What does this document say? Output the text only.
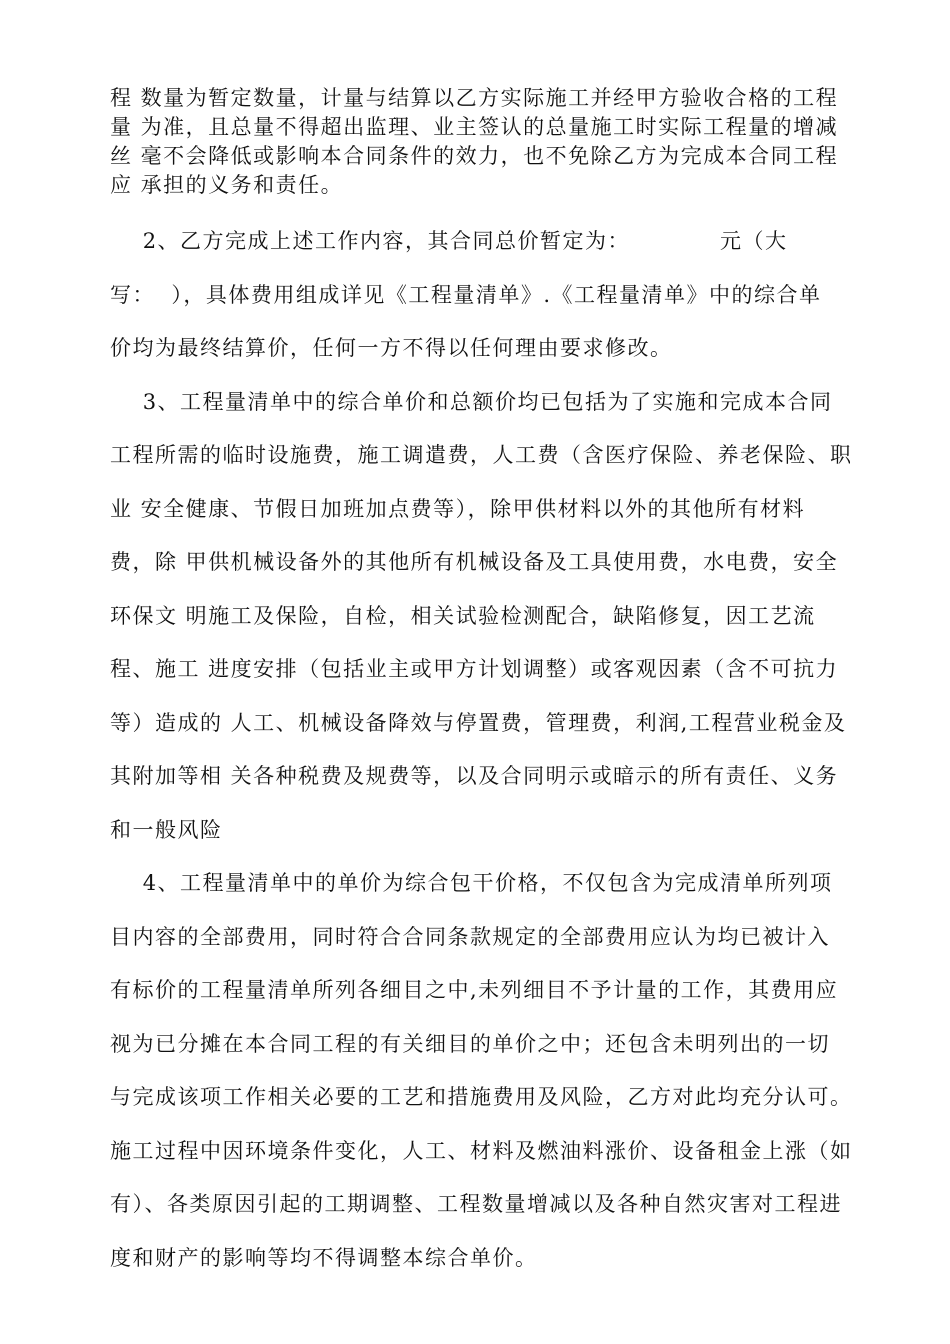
程 数量为暂定数量，计量与结算以乙方实际施工并经甲方验收合格的工程

量 为准，且总量不得超出监理、业主签认的总量施工时实际工程量的增减

丝 毫不会降低或影响本合同条件的效力，也不免除乙方为完成本合同工程

应 承担的义务和责任。

2、乙方完成上述工作内容，其合同总价暂定为：           元（大

写：  ），具体费用组成详见《工程量清单》.《工程量清单》中的综合单

价均为最终结算价，任何一方不得以任何理由要求修改。

3、工程量清单中的综合单价和总额价均已包括为了实施和完成本合同

工程所需的临时设施费，施工调遣费，人工费（含医疗保险、养老保险、职

业 安全健康、节假日加班加点费等），除甲供材料以外的其他所有材料

费，除 甲供机械设备外的其他所有机械设备及工具使用费，水电费，安全

环保文 明施工及保险，自检，相关试验检测配合，缺陷修复，因工艺流

程、施工 进度安排（包括业主或甲方计划调整）或客观因素（含不可抗力

等）造成的 人工、机械设备降效与停置费，管理费，利润,工程营业税金及

其附加等相 关各种税费及规费等，以及合同明示或暗示的所有责任、义务

和一般风险

4、工程量清单中的单价为综合包干价格，不仅包含为完成清单所列项

目内容的全部费用，同时符合合同条款规定的全部费用应认为均已被计入

有标价的工程量清单所列各细目之中,未列细目不予计量的工作，其费用应

视为已分摊在本合同工程的有关细目的单价之中；还包含未明列出的一切

与完成该项工作相关必要的工艺和措施费用及风险，乙方对此均充分认可。

施工过程中因环境条件变化，人工、材料及燃油料涨价、设备租金上涨（如

有）、各类原因引起的工期调整、工程数量增减以及各种自然灾害对工程进

度和财产的影响等均不得调整本综合单价。
